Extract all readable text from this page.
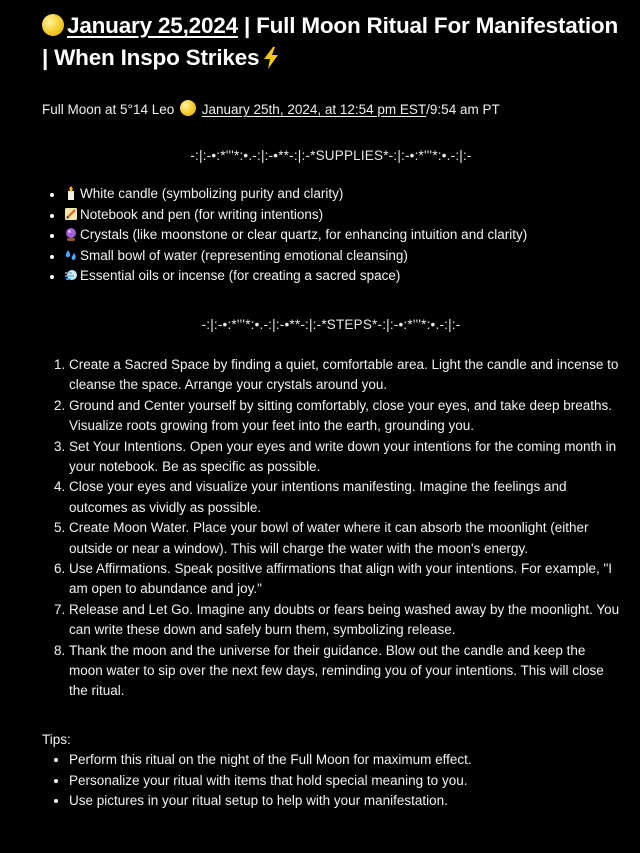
January 25,2024 | Full Moon Ritual For Manifestation | When Inspo Strikes
Full Moon at 5°14 Leo January 25th, 2024, at 12:54 pm EST/9:54 am PT
-:|:-•:*'''*:•.-:|:-•**-:|:-*SUPPLIES*-:|:-•:*'''*:•.-:|:-
• White candle (symbolizing purity and clarity)
• Notebook and pen (for writing intentions)
• Crystals (like moonstone or clear quartz, for enhancing intuition and clarity)
• Small bowl of water (representing emotional cleansing)
• Essential oils or incense (for creating a sacred space)
-:|:-•:*'''*:•.-:|:-•**-:|:-*STEPS*-:|:-•:*'''*:•.-:|:-
1. Create a Sacred Space by finding a quiet, comfortable area. Light the candle and incense to cleanse the space. Arrange your crystals around you.
2. Ground and Center yourself by sitting comfortably, close your eyes, and take deep breaths. Visualize roots growing from your feet into the earth, grounding you.
3. Set Your Intentions. Open your eyes and write down your intentions for the coming month in your notebook. Be as specific as possible.
4. Close your eyes and visualize your intentions manifesting. Imagine the feelings and outcomes as vividly as possible.
5. Create Moon Water. Place your bowl of water where it can absorb the moonlight (either outside or near a window). This will charge the water with the moon's energy.
6. Use Affirmations. Speak positive affirmations that align with your intentions. For example, "I am open to abundance and joy."
7. Release and Let Go. Imagine any doubts or fears being washed away by the moonlight. You can write these down and safely burn them, symbolizing release.
8. Thank the moon and the universe for their guidance. Blow out the candle and keep the moon water to sip over the next few days, reminding you of your intentions. This will close the ritual.
Tips:
• Perform this ritual on the night of the Full Moon for maximum effect.
• Personalize your ritual with items that hold special meaning to you.
• Use pictures in your ritual setup to help with your manifestation.
